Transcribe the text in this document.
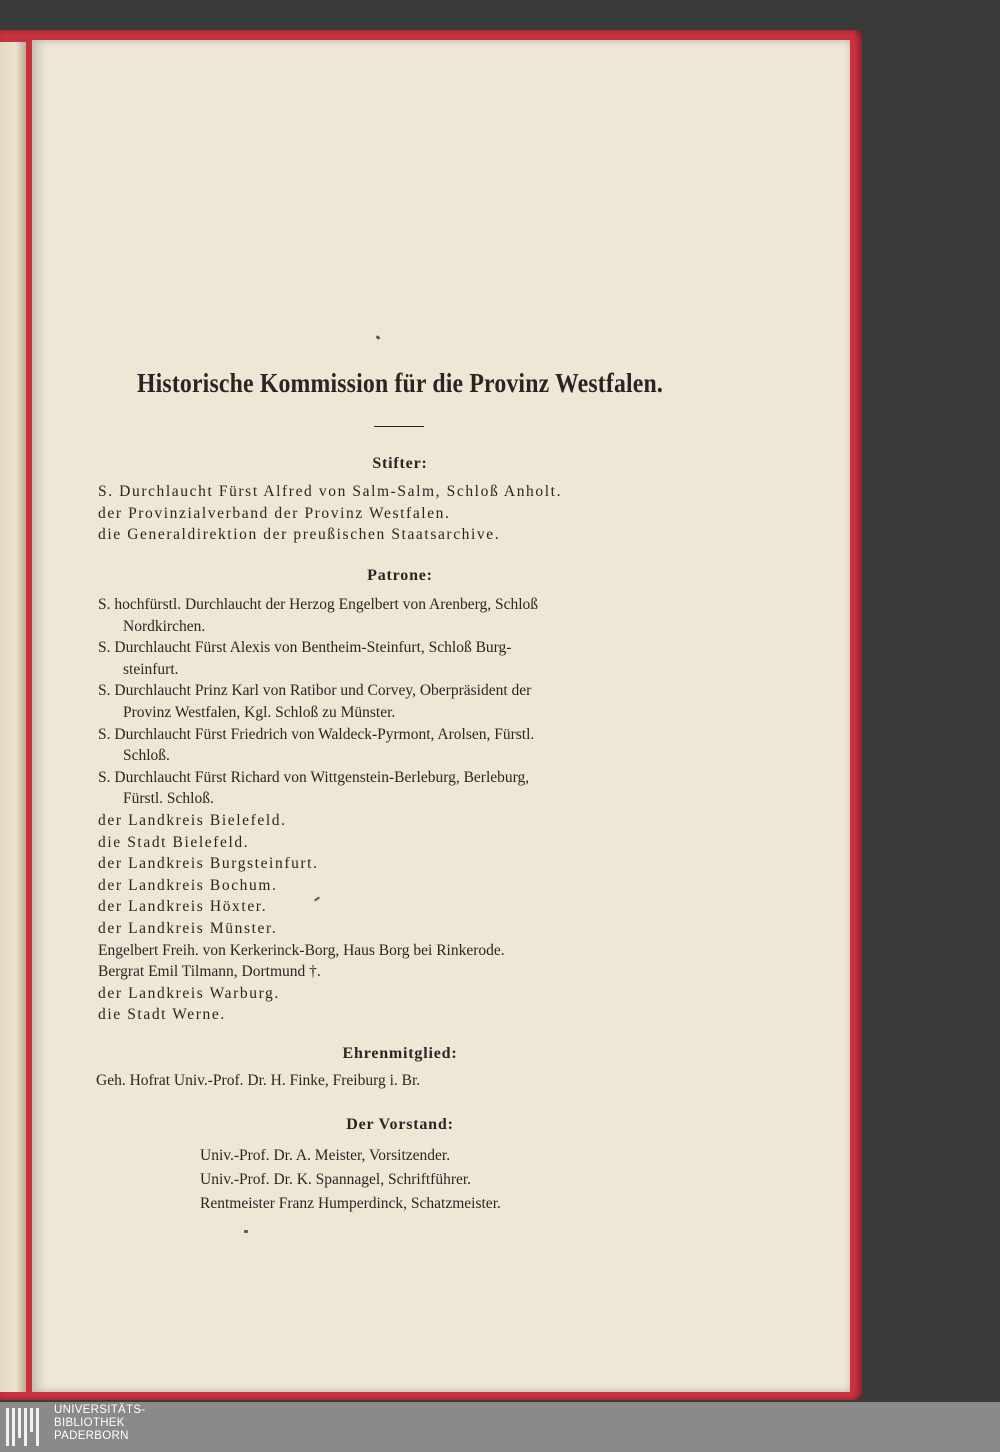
Historische Kommission für die Provinz Westfalen.
Stifter:
S. Durchlaucht Fürst Alfred von Salm-Salm, Schloß Anholt.
der Provinzialverband der Provinz Westfalen.
die Generaldirektion der preußischen Staatsarchive.
Patrone:
S. hochfürstl. Durchlaucht der Herzog Engelbert von Arenberg, Schloß
Nordkirchen.
S. Durchlaucht Fürst Alexis von Bentheim-Steinfurt, Schloß Burg-
steinfurt.
S. Durchlaucht Prinz Karl von Ratibor und Corvey, Oberpräsident der
Provinz Westfalen, Kgl. Schloß zu Münster.
S. Durchlaucht Fürst Friedrich von Waldeck-Pyrmont, Arolsen, Fürstl.
Schloß.
S. Durchlaucht Fürst Richard von Wittgenstein-Berleburg, Berleburg,
Fürstl. Schloß.
der Landkreis Bielefeld.
die Stadt Bielefeld.
der Landkreis Burgsteinfurt.
der Landkreis Bochum.
der Landkreis Höxter.
der Landkreis Münster.
Engelbert Freih. von Kerkerinck-Borg, Haus Borg bei Rinkerode.
Bergrat Emil Tilmann, Dortmund †.
der Landkreis Warburg.
die Stadt Werne.
Ehrenmitglied:
Geh. Hofrat Univ.-Prof. Dr. H. Finke, Freiburg i. Br.
Der Vorstand:
Univ.-Prof. Dr. A. Meister, Vorsitzender.
Univ.-Prof. Dr. K. Spannagel, Schriftführer.
Rentmeister Franz Humperdinck, Schatzmeister.
UNIVERSITÄTS-
BIBLIOTHEK
PADERBORN
